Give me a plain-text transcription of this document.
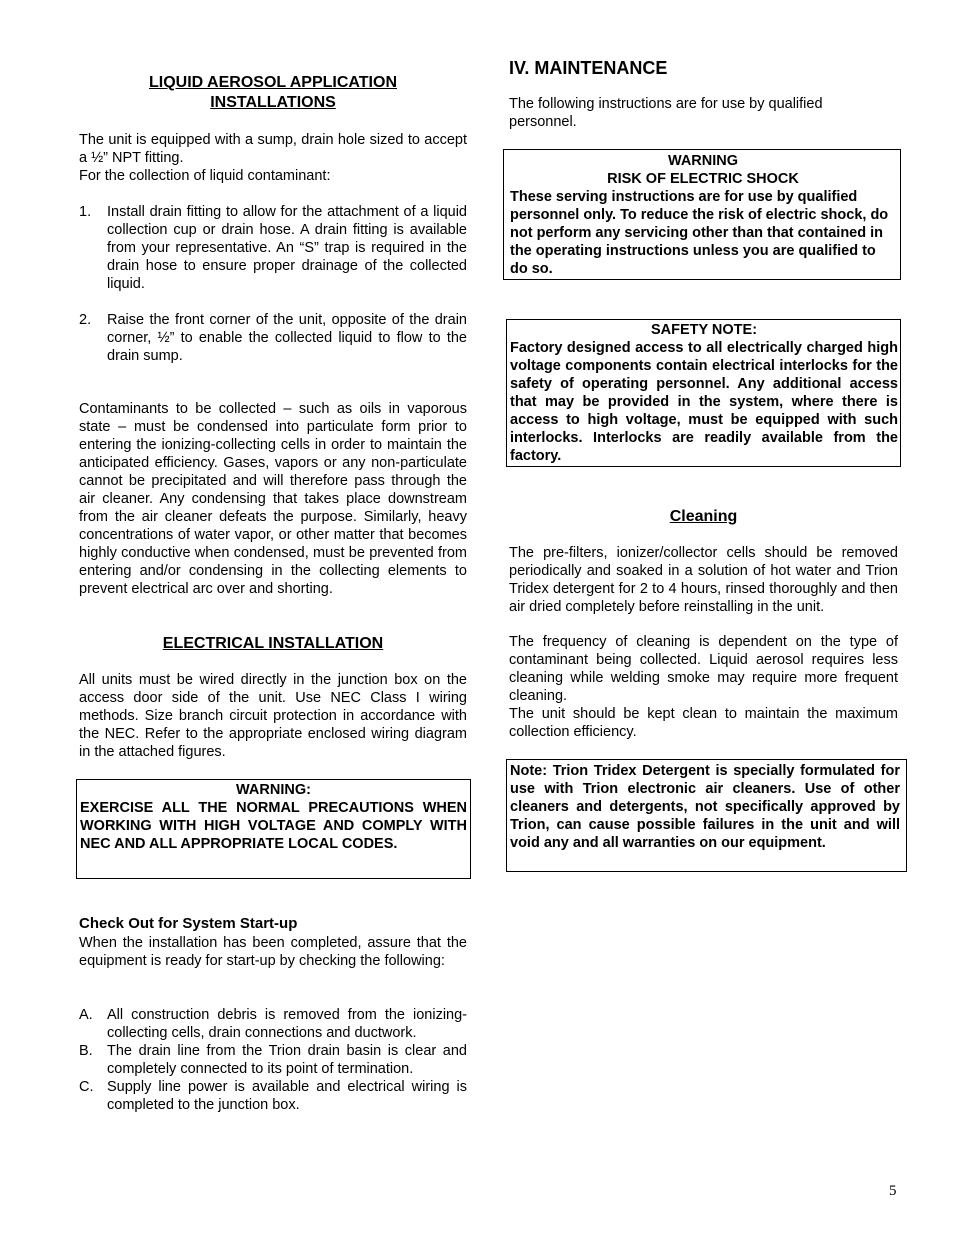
LIQUID AEROSOL APPLICATION
INSTALLATIONS

The unit is equipped with a sump, drain hole sized to accept a ½” NPT fitting.

For the collection of liquid contaminant:

1. Install drain fitting to allow for the attachment of a liquid collection cup or drain hose. A drain fitting is available from your representative. An “S” trap is required in the drain hose to ensure proper drainage of the collected liquid.
2. Raise the front corner of the unit, opposite of the drain corner, ½” to enable the collected liquid to flow to the drain sump.

Contaminants to be collected – such as oils in vaporous state – must be condensed into particulate form prior to entering the ionizing-collecting cells in order to maintain the anticipated efficiency. Gases, vapors or any non-particulate cannot be precipitated and will therefore pass through the air cleaner. Any condensing that takes place downstream from the air cleaner defeats the purpose. Similarly, heavy concentrations of water vapor, or other matter that becomes highly conductive when condensed, must be prevented from entering and/or condensing in the collecting elements to prevent electrical arc over and shorting.

ELECTRICAL INSTALLATION

All units must be wired directly in the junction box on the access door side of the unit. Use NEC Class I wiring methods. Size branch circuit protection in accordance with the NEC. Refer to the appropriate enclosed wiring diagram in the attached figures.

WARNING:
EXERCISE ALL THE NORMAL PRECAUTIONS WHEN WORKING WITH HIGH VOLTAGE AND COMPLY WITH NEC AND ALL APPROPRIATE LOCAL CODES.
Check Out for System Start-up

When the installation has been completed, assure that the equipment is ready for start-up by checking the following:

A. All construction debris is removed from the ionizing-collecting cells, drain connections and ductwork.
B. The drain line from the Trion drain basin is clear and completely connected to its point of termination.
C. Supply line power is available and electrical wiring is completed to the junction box.
IV. MAINTENANCE

The following instructions are for use by qualified personnel.

WARNING
RISK OF ELECTRIC SHOCK
These serving instructions are for use by qualified personnel only. To reduce the risk of electric shock, do not perform any servicing other than that contained in the operating instructions unless you are qualified to do so.
SAFETY NOTE:
Factory designed access to all electrically charged high voltage components contain electrical interlocks for the safety of operating personnel. Any additional access that may be provided in the system, where there is access to high voltage, must be equipped with such interlocks. Interlocks are readily available from the factory.
Cleaning

The pre-filters, ionizer/collector cells should be removed periodically and soaked in a solution of hot water and Trion Tridex detergent for 2 to 4 hours, rinsed thoroughly and then air dried completely before reinstalling in the unit.

The frequency of cleaning is dependent on the type of contaminant being collected. Liquid aerosol requires less cleaning while welding smoke may require more frequent cleaning.

The unit should be kept clean to maintain the maximum collection efficiency.

Note: Trion Tridex Detergent is specially formulated for use with Trion electronic air cleaners. Use of other cleaners and detergents, not specifically approved by Trion, can cause possible failures in the unit and will void any and all warranties on our equipment.
5
